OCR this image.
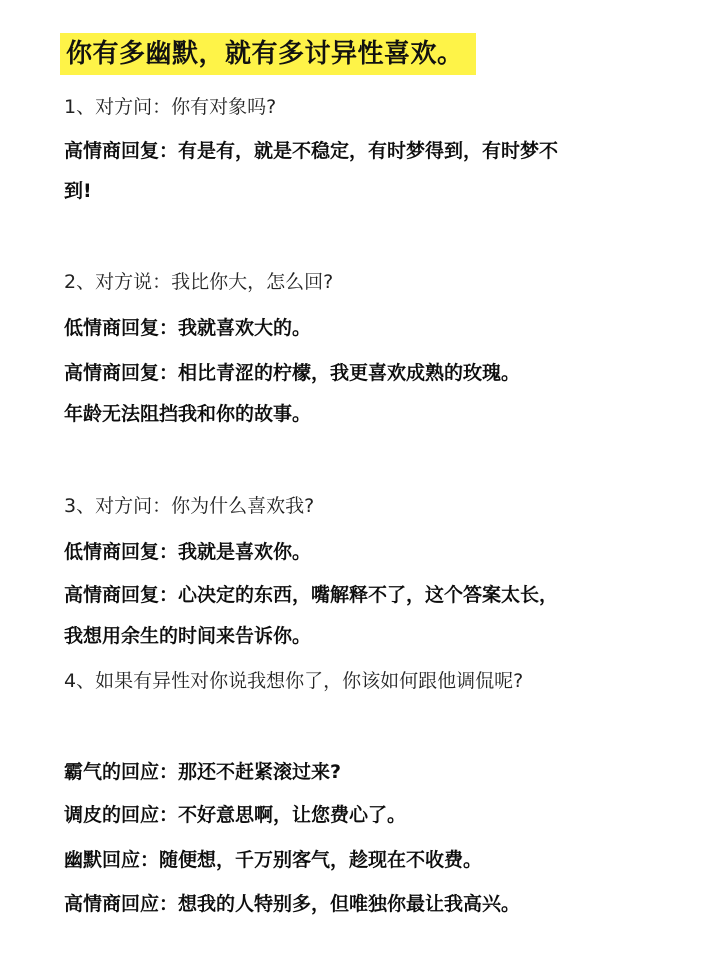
你有多幽默，就有多讨异性喜欢。
1、对方问：你有对象吗?
高情商回复：有是有，就是不稳定，有时梦得到，有时梦不
到!
2、对方说：我比你大，怎么回?
低情商回复：我就喜欢大的。
高情商回复：相比青涩的柠檬，我更喜欢成熟的玫瑰。
年龄无法阻挡我和你的故事。
3、对方问：你为什么喜欢我?
低情商回复：我就是喜欢你。
高情商回复：心决定的东西，嘴解释不了，这个答案太长，
我想用余生的时间来告诉你。
4、如果有异性对你说我想你了，你该如何跟他调侃呢?
霸气的回应：那还不赶紧滚过来?
调皮的回应：不好意思啊，让您费心了。
幽默回应：随便想，千万别客气，趁现在不收费。
高情商回应：想我的人特别多，但唯独你最让我高兴。
